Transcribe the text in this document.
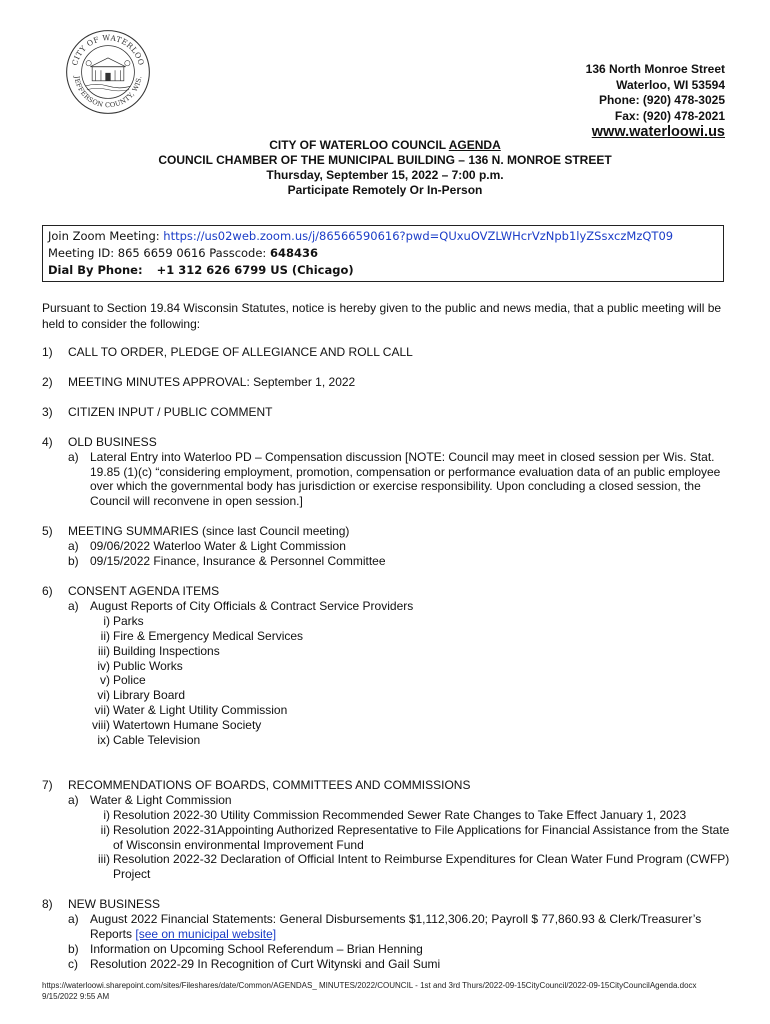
CITY OF WATERLOO
JEFFERSON COUNTY, WIS.
136 North Monroe Street
Waterloo, WI 53594
Phone: (920) 478-3025
Fax: (920) 478-2021
www.waterloowi.us
CITY OF WATERLOO COUNCIL AGENDA
COUNCIL CHAMBER OF THE MUNICIPAL BUILDING – 136 N. MONROE STREET
Thursday, September 15, 2022 – 7:00 p.m.
Participate Remotely Or In-Person
Join Zoom Meeting: https://us02web.zoom.us/j/86566590616?pwd=QUxuOVZLWHcrVzNpb1lyZSsxczMzQT09
Meeting ID: 865 6659 0616 Passcode: 648436
Dial By Phone: +1 312 626 6799 US (Chicago)
Pursuant to Section 19.84 Wisconsin Statutes, notice is hereby given to the public and news media, that a public meeting will be held to consider the following:
1) CALL TO ORDER, PLEDGE OF ALLEGIANCE AND ROLL CALL
2) MEETING MINUTES APPROVAL: September 1, 2022
3) CITIZEN INPUT / PUBLIC COMMENT
4) OLD BUSINESS
a) Lateral Entry into Waterloo PD – Compensation discussion [NOTE: Council may meet in closed session per Wis. Stat. 19.85 (1)(c) “considering employment, promotion, compensation or performance evaluation data of an public employee over which the governmental body has jurisdiction or exercise responsibility. Upon concluding a closed session, the Council will reconvene in open session.]
5) MEETING SUMMARIES (since last Council meeting)
a) 09/06/2022 Waterloo Water & Light Commission
b) 09/15/2022 Finance, Insurance & Personnel Committee
6) CONSENT AGENDA ITEMS
a) August Reports of City Officials & Contract Service Providers
i) Parks
ii) Fire & Emergency Medical Services
iii) Building Inspections
iv) Public Works
v) Police
vi) Library Board
vii) Water & Light Utility Commission
viii) Watertown Humane Society
ix) Cable Television
7) RECOMMENDATIONS OF BOARDS, COMMITTEES AND COMMISSIONS
a) Water & Light Commission
i) Resolution 2022-30 Utility Commission Recommended Sewer Rate Changes to Take Effect January 1, 2023
ii) Resolution 2022-31Appointing Authorized Representative to File Applications for Financial Assistance from the State of Wisconsin environmental Improvement Fund
iii) Resolution 2022-32 Declaration of Official Intent to Reimburse Expenditures for Clean Water Fund Program (CWFP) Project
8) NEW BUSINESS
a) August 2022 Financial Statements: General Disbursements $1,112,306.20; Payroll $ 77,860.93 & Clerk/Treasurer’s Reports [see on municipal website]
b) Information on Upcoming School Referendum – Brian Henning
c) Resolution 2022-29 In Recognition of Curt Witynski and Gail Sumi
https://waterloowi.sharepoint.com/sites/Fileshares/date/Common/AGENDAS_ MINUTES/2022/COUNCIL - 1st and 3rd Thurs/2022-09-15CityCouncil/2022-09-15CityCouncilAgenda.docx
9/15/2022 9:55 AM
